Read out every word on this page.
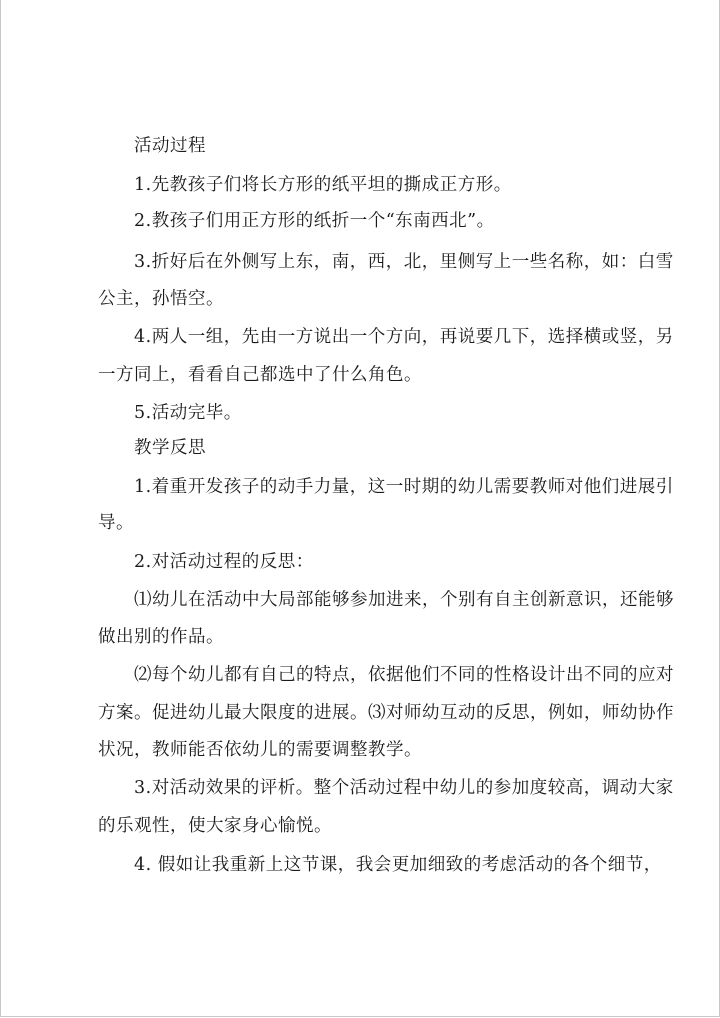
活动过程
1.先教孩子们将长方形的纸平坦的撕成正方形。
2.教孩子们用正方形的纸折一个“东南西北”。
3.折好后在外侧写上东，南，西，北，里侧写上一些名称，如：白雪
公主，孙悟空。
4.两人一组，先由一方说出一个方向，再说要几下，选择横或竖，另
一方同上，看看自己都选中了什么角色。
5.活动完毕。
教学反思
1.着重开发孩子的动手力量，这一时期的幼儿需要教师对他们进展引
导。
2.对活动过程的反思：
⑴幼儿在活动中大局部能够参加进来，个别有自主创新意识，还能够
做出别的作品。
⑵每个幼儿都有自己的特点，依据他们不同的性格设计出不同的应对
方案。促进幼儿最大限度的进展。⑶对师幼互动的反思，例如，师幼协作
状况，教师能否依幼儿的需要调整教学。
3.对活动效果的评析。整个活动过程中幼儿的参加度较高，调动大家
的乐观性，使大家身心愉悦。
4. 假如让我重新上这节课，我会更加细致的考虑活动的各个细节，
